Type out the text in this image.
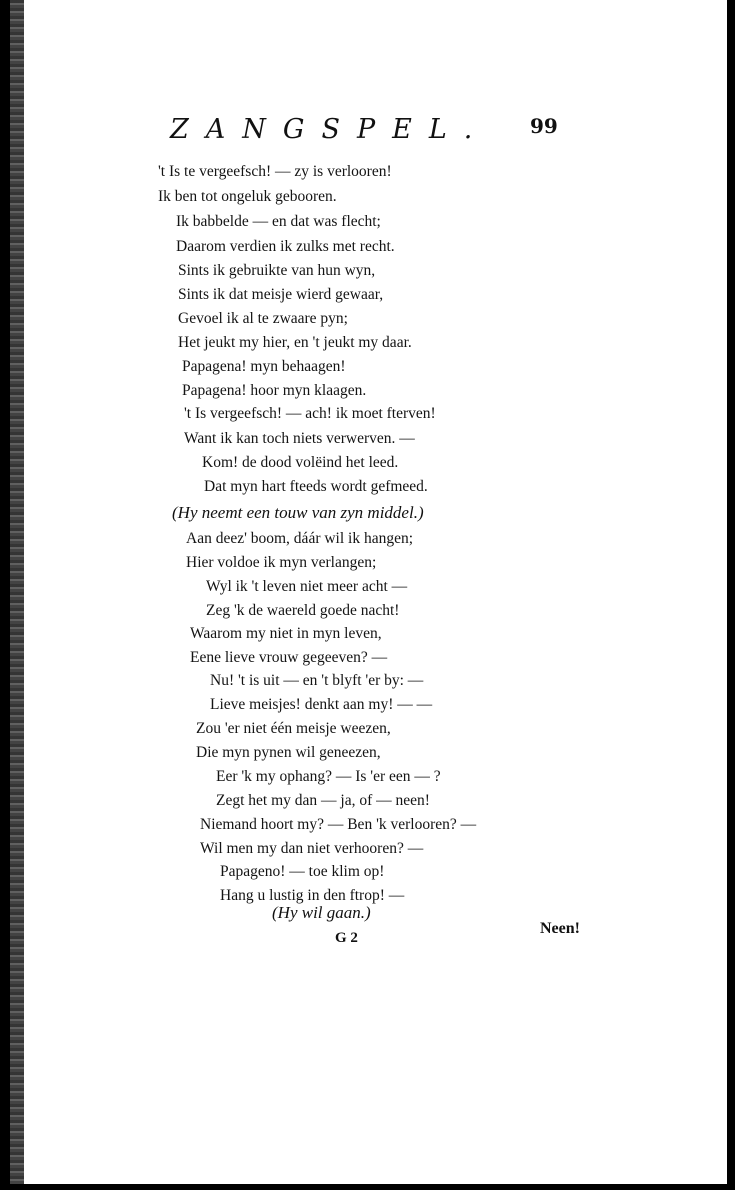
ZANGSPEL. 99
't Is te vergeefsch! — zy is verlooren!
Ik ben tot ongeluk gebooren.
Ik babbelde — en dat was flecht;
Daarom verdien ik zulks met recht.
Sints ik gebruikte van hun wyn,
Sints ik dat meisje wierd gewaar,
Gevoel ik al te zwaare pyn;
Het jeukt my hier, en 't jeukt my daar.
Papagena! myn behaagen!
Papagena! hoor myn klaagen.
't Is vergeefsch! — ach! ik moet fterven!
Want ik kan toch niets verwerven. —
Kom! de dood volëind het leed.
Dat myn hart fteeds wordt gefmeed.
(Hy neemt een touw van zyn middel.)
Aan deez' boom, dáár wil ik hangen;
Hier voldoe ik myn verlangen;
Wyl ik 't leven niet meer acht —
Zeg 'k de waereld goede nacht!
Waarom my niet in myn leven,
Eene lieve vrouw gegeeven? —
Nu! 't is uit — en 't blyft 'er by: —
Lieve meisjes! denkt aan my! — —
Zou 'er niet één meisje weezen,
Die myn pynen wil geneezen,
Eer 'k my ophang? — Is 'er een — ?
Zegt het my dan — ja, of — neen!
Niemand hoort my? — Ben 'k verlooren? —
Wil men my dan niet verhooren? —
Papageno! — toe klim op!
Hang u lustig in den ftrop! —
(Hy wil gaan.)
G 2
Neen!
